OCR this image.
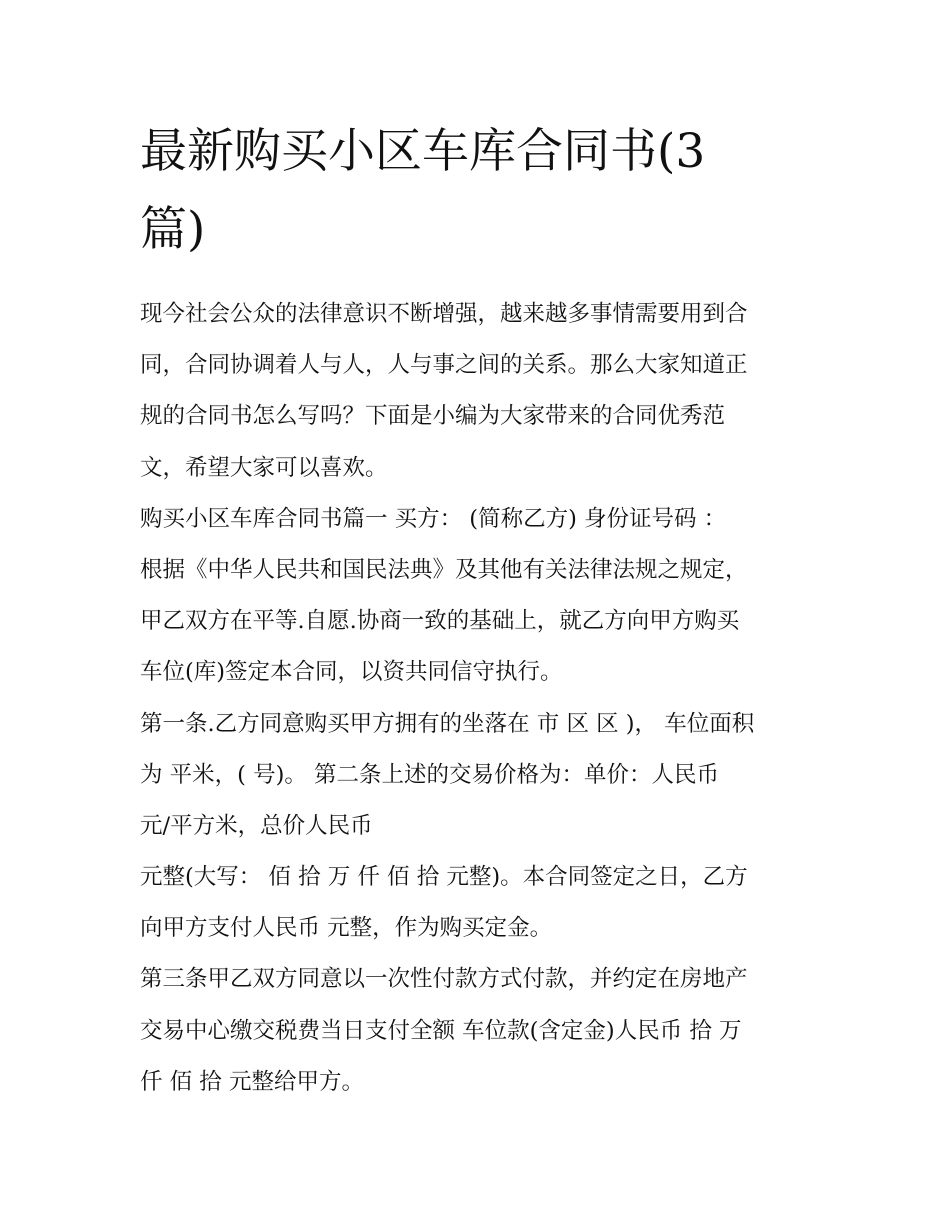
最新购买小区车库合同书(3篇)
现今社会公众的法律意识不断增强，越来越多事情需要用到合
同，合同协调着人与人，人与事之间的关系。那么大家知道正
规的合同书怎么写吗？下面是小编为大家带来的合同优秀范
文，希望大家可以喜欢。
购买小区车库合同书篇一 买方： (简称乙方) 身份证号码 ：
根据《中华人民共和国民法典》及其他有关法律法规之规定，
甲乙双方在平等.自愿.协商一致的基础上，就乙方向甲方购买
车位(库)签定本合同，以资共同信守执行。
第一条.乙方同意购买甲方拥有的坐落在 市 区 区 )， 车位面积
为 平米，( 号)。 第二条上述的交易价格为：单价：人民币
元/平方米，总价人民币
元整(大写： 佰 拾 万 仟 佰 拾 元整)。本合同签定之日，乙方
向甲方支付人民币 元整，作为购买定金。
第三条甲乙双方同意以一次性付款方式付款，并约定在房地产
交易中心缴交税费当日支付全额 车位款(含定金)人民币 拾 万
仟 佰 拾 元整给甲方。
